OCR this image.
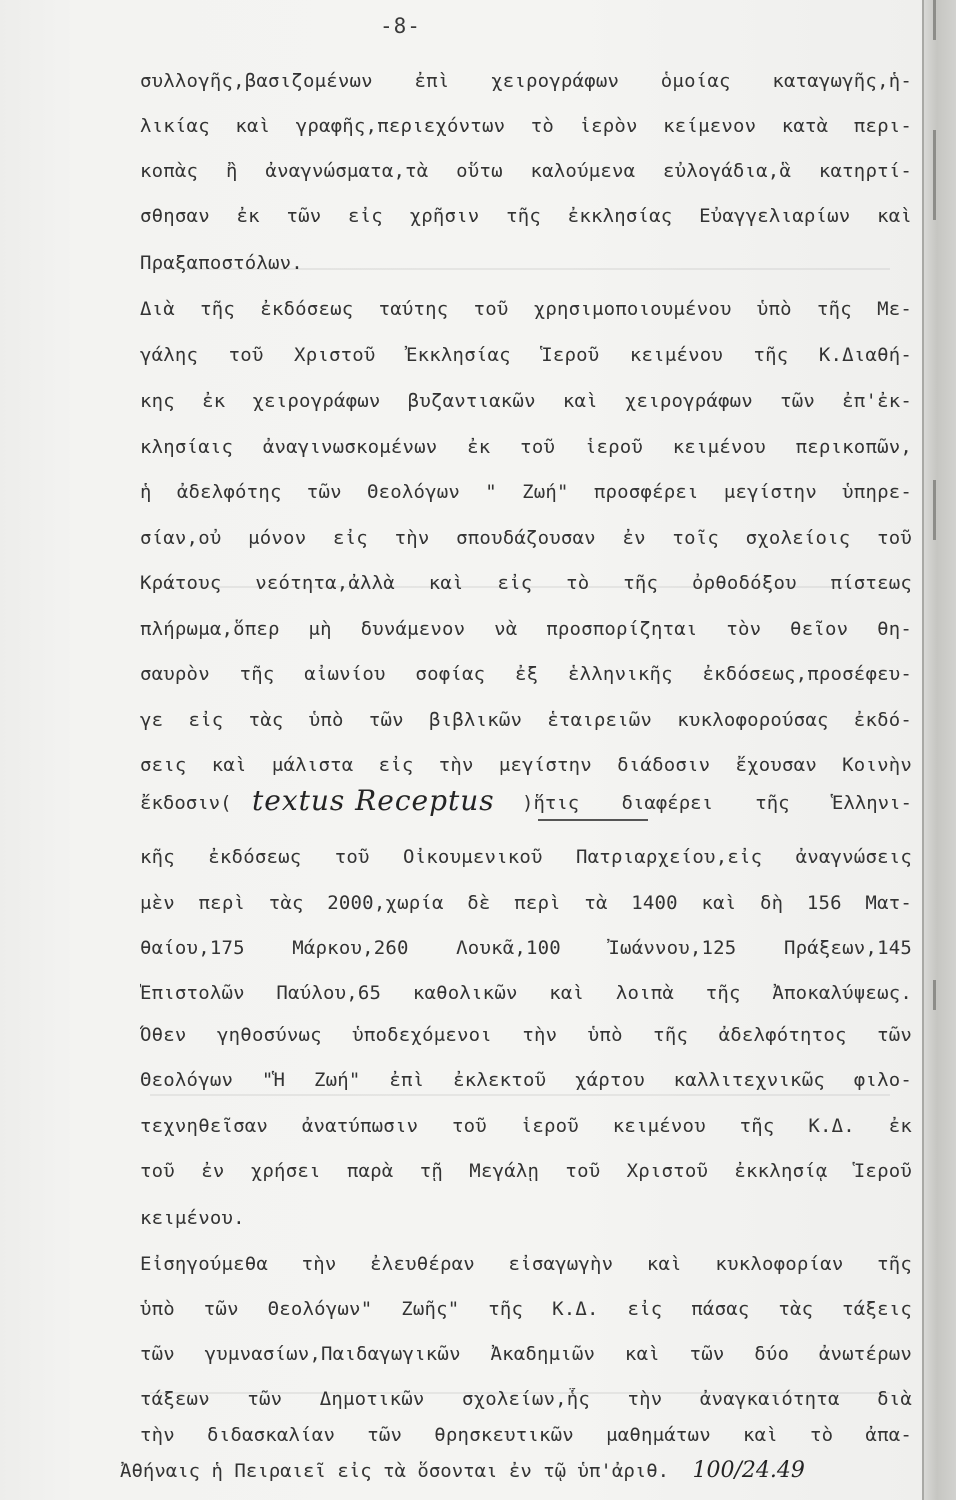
-8-
συλλογῆς,βασιζομένων ἐπὶ χειρογράφων ὁμοίας καταγωγῆς,ἡ-
λικίας καὶ γραφῆς,περιεχόντων τὸ ἱερὸν κείμενον κατὰ περι-
κοπὰς ἢ ἀναγνώσματα,τὰ οὕτω καλούμενα εὐλογάδια,ἃ κατηρτί-
σθησαν ἐκ τῶν εἰς χρῆσιν τῆς ἐκκλησίας Εὐαγγελιαρίων καὶ
Πραξαποστόλων.
Διὰ τῆς ἐκδόσεως ταύτης τοῦ χρησιμοποιουμένου ὑπὸ τῆς Με-
γάλης τοῦ Χριστοῦ Ἐκκλησίας Ἱεροῦ κειμένου τῆς Κ.Διαθή-
κης ἐκ χειρογράφων βυζαντιακῶν καὶ χειρογράφων τῶν ἐπ'ἐκ-
κλησίαις ἀναγινωσκομένων ἐκ τοῦ ἱεροῦ κειμένου περικοπῶν,
ἡ ἀδελφότης τῶν Θεολόγων " Ζωή" προσφέρει μεγίστην ὑπηρε-
σίαν,οὐ μόνον εἰς τὴν σπουδάζουσαν ἐν τοῖς σχολείοις τοῦ
Κράτους νεότητα,ἀλλὰ καὶ εἰς τὸ τῆς ὀρθοδόξου πίστεως
πλήρωμα,ὅπερ μὴ δυνάμενον νὰ προσπορίζηται τὸν θεῖον θη-
σαυρὸν τῆς αἰωνίου σοφίας ἐξ ἑλληνικῆς ἐκδόσεως,προσέφευ-
γε εἰς τὰς ὑπὸ τῶν βιβλικῶν ἑταιρειῶν κυκλοφορούσας ἐκδό-
σεις καὶ μάλιστα εἰς τὴν μεγίστην διάδοσιν ἔχουσαν Κοινὴν
ἔκδοσιν( textus Receptus )ἥτις διαφέρει τῆς Ἑλληνι-
κῆς ἐκδόσεως τοῦ Οἰκουμενικοῦ Πατριαρχείου,εἰς ἀναγνώσεις
μὲν περὶ τὰς 2000,χωρία δὲ περὶ τὰ 1400 καὶ δὴ 156 Ματ-
θαίου,175 Μάρκου,260 Λουκᾶ,100 Ἰωάννου,125 Πράξεων,145
Ἐπιστολῶν Παύλου,65 καθολικῶν καὶ λοιπὰ τῆς Ἀποκαλύψεως.
Ὅθεν γηθοσύνως ὑποδεχόμενοι τὴν ὑπὸ τῆς ἀδελφότητος τῶν
Θεολόγων "Ἡ Ζωή" ἐπὶ ἐκλεκτοῦ χάρτου καλλιτεχνικῶς φιλο-
τεχνηθεῖσαν ἀνατύπωσιν τοῦ ἱεροῦ κειμένου τῆς Κ.Δ. ἐκ
τοῦ ἐν χρήσει παρὰ τῇ Μεγάλῃ τοῦ Χριστοῦ ἐκκλησίᾳ Ἱεροῦ
κειμένου.
Εἰσηγούμεθα τὴν ἐλευθέραν εἰσαγωγὴν καὶ κυκλοφορίαν τῆς
ὑπὸ τῶν Θεολόγων" Ζωῆς" τῆς Κ.Δ. εἰς πάσας τὰς τάξεις
τῶν γυμνασίων,Παιδαγωγικῶν Ἀκαδημιῶν καὶ τῶν δύο ἀνωτέρων
τάξεων τῶν Δημοτικῶν σχολείων,ἧς τὴν ἀναγκαιότητα διὰ
τὴν διδασκαλίαν τῶν θρησκευτικῶν μαθημάτων καὶ τὸ ἀπα-
Ἀθήναις ἡ Πειραιεῖ εἰς τὰ ὅσονται ἐν τῷ ὑπ'ἀριθ. 100/24.49
